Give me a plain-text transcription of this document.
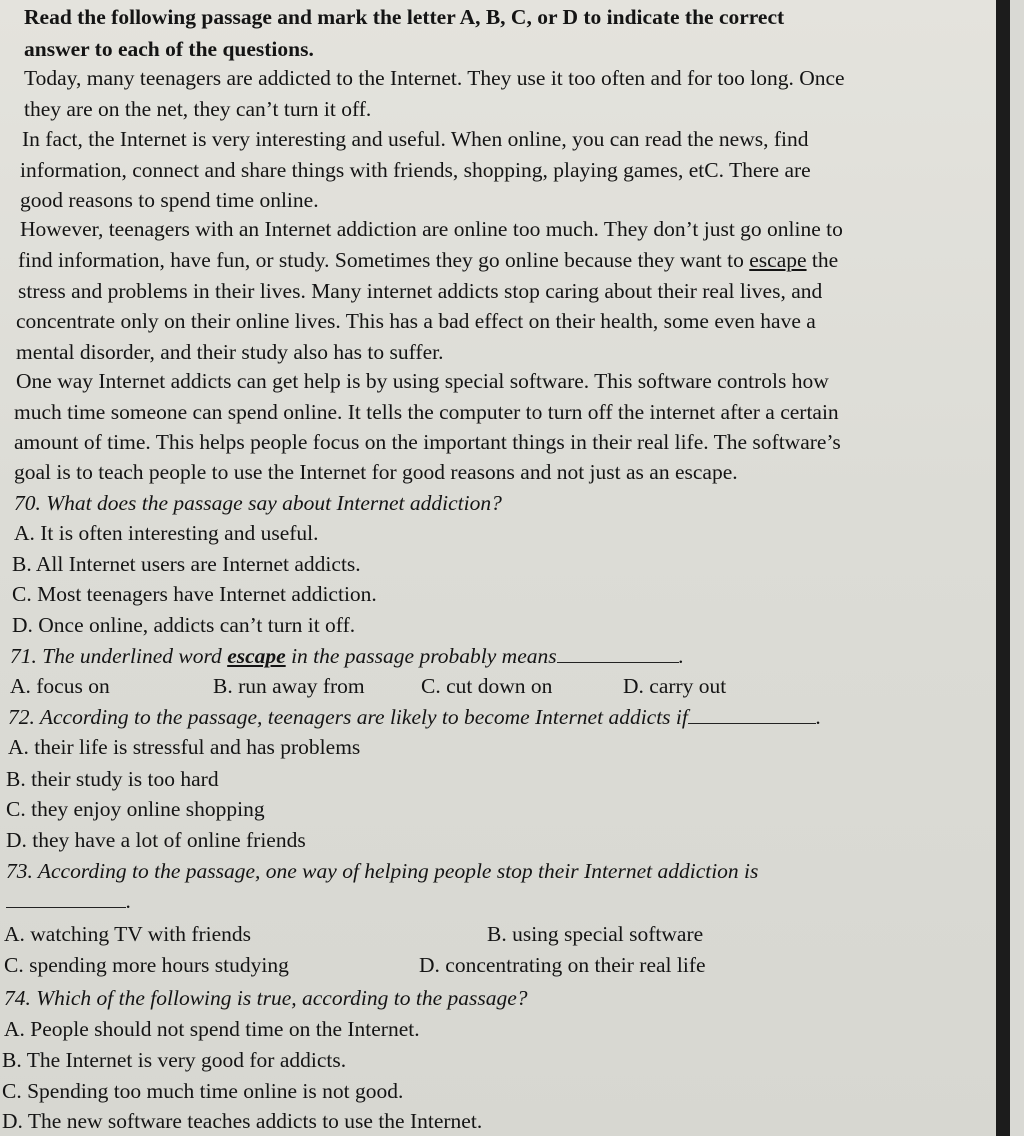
Read the following passage and mark the letter A, B, C, or D to indicate the correct
answer to each of the questions.
Today, many teenagers are addicted to the Internet. They use it too often and for too long. Once
they are on the net, they can’t turn it off.
In fact, the Internet is very interesting and useful. When online, you can read the news, find
information, connect and share things with friends, shopping, playing games, etC. There are
good reasons to spend time online.
However, teenagers with an Internet addiction are online too much. They don’t just go online to
find information, have fun, or study. Sometimes they go online because they want to escape the
stress and problems in their lives. Many internet addicts stop caring about their real lives, and
concentrate only on their online lives. This has a bad effect on their health, some even have a
mental disorder, and their study also has to suffer.
One way Internet addicts can get help is by using special software. This software controls how
much time someone can spend online. It tells the computer to turn off the internet after a certain
amount of time. This helps people focus on the important things in their real life. The software’s
goal is to teach people to use the Internet for good reasons and not just as an escape.
70. What does the passage say about Internet addiction?
A. It is often interesting and useful.
B. All Internet users are Internet addicts.
C. Most teenagers have Internet addiction.
D. Once online, addicts can’t turn it off.
71. The underlined word escape in the passage probably means	.
A. focus on	B. run away from	C. cut down on	D. carry out
72. According to the passage, teenagers are likely to become Internet addicts if	.
A. their life is stressful and has problems
B. their study is too hard
C. they enjoy online shopping
D. they have a lot of online friends
73. According to the passage, one way of helping people stop their Internet addiction is
.
A. watching TV with friends	B. using special software
C. spending more hours studying	D. concentrating on their real life
74. Which of the following is true, according to the passage?
A. People should not spend time on the Internet.
B. The Internet is very good for addicts.
C. Spending too much time online is not good.
D. The new software teaches addicts to use the Internet.
